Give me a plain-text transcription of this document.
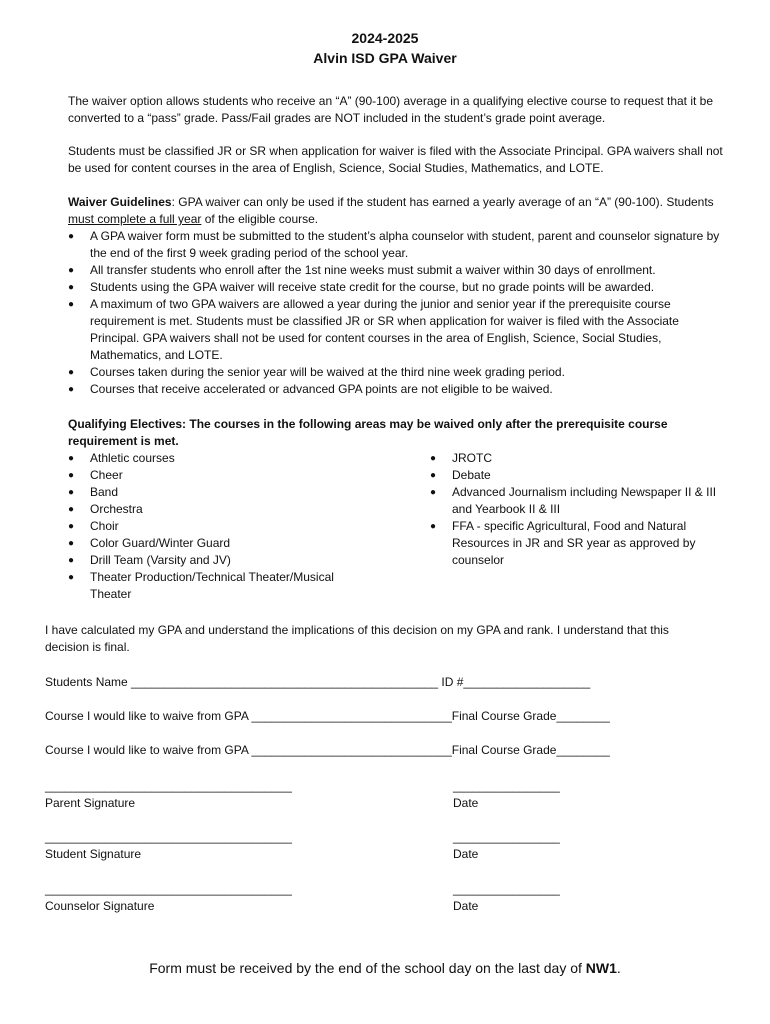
2024-2025
Alvin ISD GPA Waiver

The waiver option allows students who receive an “A” (90-100) average in a qualifying elective course to request that it be converted to a “pass” grade. Pass/Fail grades are NOT included in the student’s grade point average.

Students must be classified JR or SR when application for waiver is filed with the Associate Principal. GPA waivers shall not be used for content courses in the area of English, Science, Social Studies, Mathematics, and LOTE.

Waiver Guidelines: GPA waiver can only be used if the student has earned a yearly average of an “A” (90-100). Students must complete a full year of the eligible course.

● A GPA waiver form must be submitted to the student’s alpha counselor with student, parent and counselor signature by the end of the first 9 week grading period of the school year.
● All transfer students who enroll after the 1st nine weeks must submit a waiver within 30 days of enrollment.
● Students using the GPA waiver will receive state credit for the course, but no grade points will be awarded.
● A maximum of two GPA waivers are allowed a year during the junior and senior year if the prerequisite course requirement is met. Students must be classified JR or SR when application for waiver is filed with the Associate Principal. GPA waivers shall not be used for content courses in the area of English, Science, Social Studies, Mathematics, and LOTE.
● Courses taken during the senior year will be waived at the third nine week grading period.
● Courses that receive accelerated or advanced GPA points are not eligible to be waived.

Qualifying Electives: The courses in the following areas may be waived only after the prerequisite course requirement is met.

● Athletic courses
● Cheer
● Band
● Orchestra
● Choir
● Color Guard/Winter Guard
● Drill Team (Varsity and JV)
● Theater Production/Technical Theater/Musical Theater
● JROTC
● Debate
● Advanced Journalism including Newspaper II & III and Yearbook II & III
● FFA - specific Agricultural, Food and Natural Resources in JR and SR year as approved by counselor
I have calculated my GPA and understand the implications of this decision on my GPA and rank. I understand that this decision is final.
Students Name ______________________________________________ ID #___________________
Course I would like to waive from GPA ______________________________Final Course Grade________
Course I would like to waive from GPA ______________________________Final Course Grade________
_____________________________________
Parent Signature
________________
Date
_____________________________________
Student Signature
________________
Date
_____________________________________
Counselor Signature
________________
Date
Form must be received by the end of the school day on the last day of NW1.
